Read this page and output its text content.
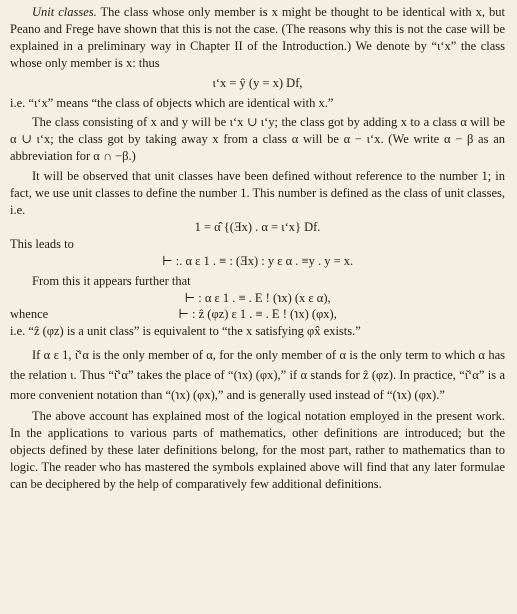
Unit classes. The class whose only member is x might be thought to be identical with x, but Peano and Frege have shown that this is not the case. (The reasons why this is not the case will be explained in a preliminary way in Chapter II of the Introduction.) We denote by “ι‘x” the class whose only member is x: thus

ι‘x = ŷ (y = x) Df,

i.e. “ι‘x” means “the class of objects which are identical with x.”

The class consisting of x and y will be ι‘x ∪ ι‘y; the class got by adding x to a class α will be α ∪ ι‘x; the class got by taking away x from a class α will be α − ι‘x. (We write α − β as an abbreviation for α ∩ −β.)

It will be observed that unit classes have been defined without reference to the number 1; in fact, we use unit classes to define the number 1. This number is defined as the class of unit classes, i.e.

1 = α̂ {(Ǝx) . α = ι‘x} Df.

This leads to

⊢ :. α ε 1 . ≡ : (Ǝx) : y ε α . ≡y . y = x.

From this it appears further that

⊢ : α ε 1 . ≡ . E ! (℩x) (x ε α),

whence	⊢ : ẑ (φz) ε 1 . ≡ . E ! (℩x) (φx),

i.e. “ẑ (φz) is a unit class” is equivalent to “the x satisfying φx̂ exists.”

If α ε 1, ι̌‘α is the only member of α, for the only member of α is the only term to which α has the relation ι. Thus “ι̌‘α” takes the place of “(℩x) (φx),” if α stands for ẑ (φz). In practice, “ι̌‘α” is a more convenient notation than “(℩x) (φx),” and is generally used instead of “(℩x) (φx).”

The above account has explained most of the logical notation employed in the present work. In the applications to various parts of mathematics, other definitions are introduced; but the objects defined by these later definitions belong, for the most part, rather to mathematics than to logic. The reader who has mastered the symbols explained above will find that any later formulae can be deciphered by the help of comparatively few additional definitions.
